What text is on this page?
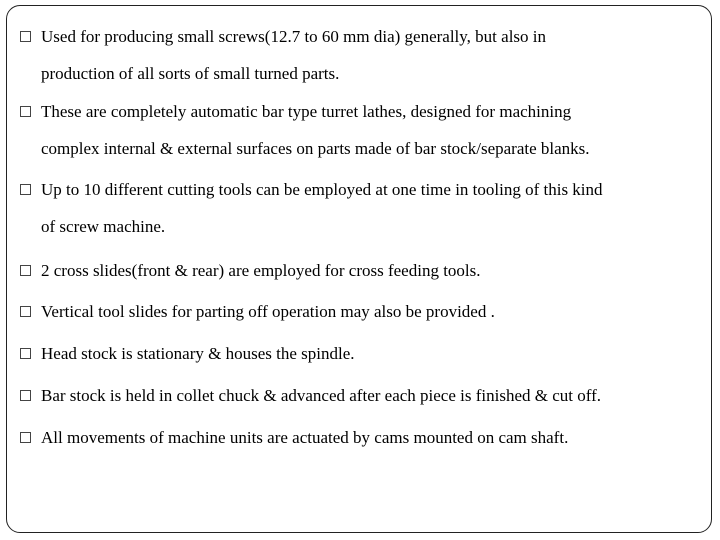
Used for producing small screws(12.7 to 60 mm dia) generally, but also in
production of all sorts of small turned parts.
These are completely automatic bar type turret lathes, designed for machining
complex internal & external surfaces on parts made of bar stock/separate blanks.
Up to 10 different cutting tools can be employed at one time in tooling of this kind
of screw machine.
2 cross slides(front & rear) are employed for cross feeding tools.
Vertical tool slides for parting off operation may also be provided .
Head stock is stationary & houses the spindle.
Bar stock is held in collet chuck & advanced after each piece is finished & cut off.
All movements of machine units are actuated by cams mounted on cam shaft.
